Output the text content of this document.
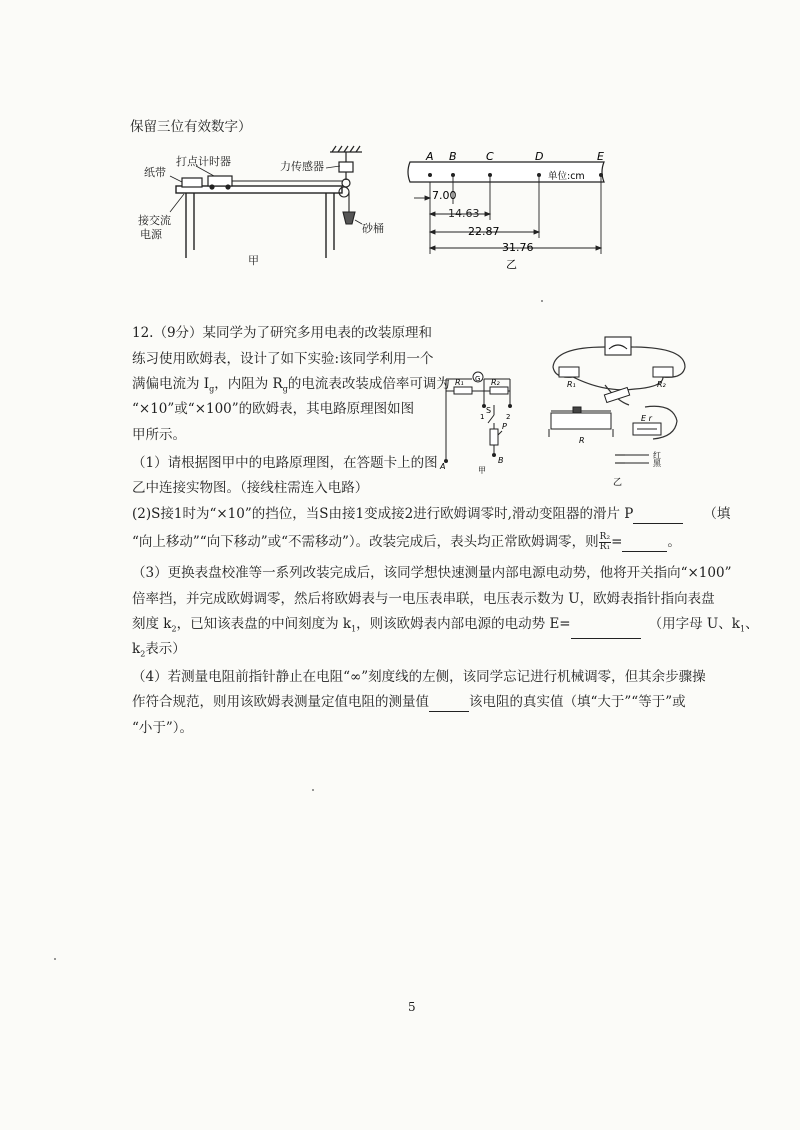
保留三位有效数字）
打点计时器
纸带	力传感器
砂桶
接交流
电源
甲
A B	C	D	E
单位:cm
7.00
14.63
22.87
31.76
乙
12.（9分）某同学为了研究多用电表的改装原理和
练习使用欧姆表，设计了如下实验:该同学利用一个
满偏电流为 $I_g$，内阻为 $R_g$的电流表改装成倍率可调为
“×10”或“×100”的欧姆表，其电路原理图如图
甲所示。
G
R₁	R₂
S
1	2
P
A
B
甲
R₁	R₂
R
E r
红
黑
乙
（1）请根据图甲中的电路原理图，在答题卡上的图
乙中连接实物图。（接线柱需连入电路）
(2)S接1时为“×10”的挡位，当S由接1变成接2进行欧姆调零时,滑动变阻器的滑片 P	（填
“向上移动”“向下移动”或“不需移动”）。改装完成后，表头均正常欧姆调零，则 $\frac{\text{R₂}}{\text{R₁}}$ =	。
（3）更换表盘校准等一系列改装完成后，该同学想快速测量内部电源电动势，他将开关指向“×100”
倍率挡，并完成欧姆调零，然后将欧姆表与一电压表串联，电压表示数为 U，欧姆表指针指向表盘
刻度 $k_2$，已知该表盘的中间刻度为 $k_1$，则该欧姆表内部电源的电动势 E=	（用字母 U、$k_1$、
$k_2$表示）
（4）若测量电阻前指针静止在电阻“∞”刻度线的左侧，该同学忘记进行机械调零，但其余步骤操
作符合规范，则用该欧姆表测量定值电阻的测量值	该电阻的真实值（填“大于”“等于”或
“小于”）。
5
